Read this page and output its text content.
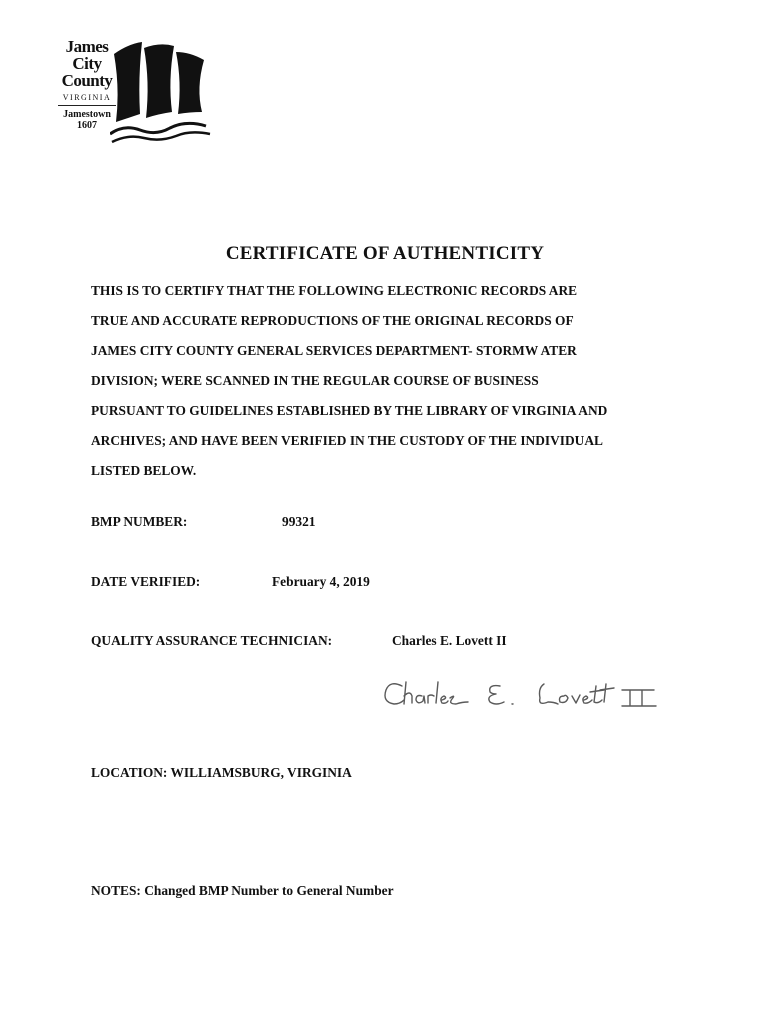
James
City
County
VIRGINIA
Jamestown
1607
CERTIFICATE OF AUTHENTICITY

THIS IS TO CERTIFY THAT THE FOLLOWING ELECTRONIC RECORDS ARE
TRUE AND ACCURATE REPRODUCTIONS OF THE ORIGINAL RECORDS OF
JAMES CITY COUNTY GENERAL SERVICES DEPARTMENT- STORMW ATER
DIVISION; WERE SCANNED IN THE REGULAR COURSE OF BUSINESS
PURSUANT TO GUIDELINES ESTABLISHED BY THE LIBRARY OF VIRGINIA AND
ARCHIVES; AND HAVE BEEN VERIFIED IN THE CUSTODY OF THE INDIVIDUAL
LISTED BELOW.

BMP NUMBER:	99321
DATE VERIFIED:	February 4, 2019
QUALITY ASSURANCE TECHNICIAN:	Charles E. Lovett II
LOCATION: WILLIAMSBURG, VIRGINIA
NOTES: Changed BMP Number to General Number
